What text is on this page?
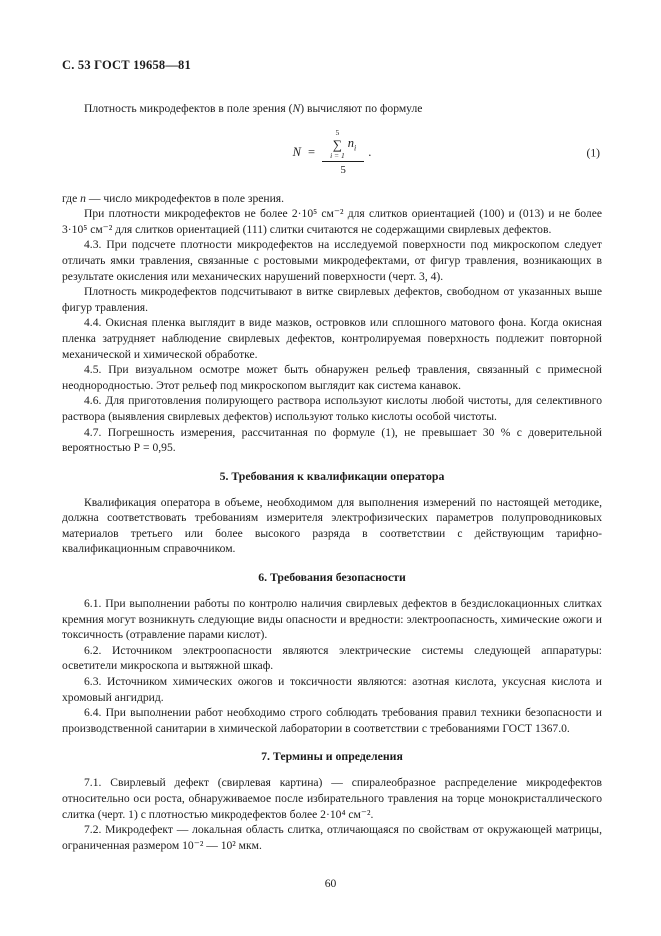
С. 53 ГОСТ 19658—81

Плотность микродефектов в поле зрения (N) вычисляют по формуле

N =
5
∑
i = 1
$n_i$
5
.	(1)

где n — число микродефектов в поле зрения.

При плотности микродефектов не более 2·10⁵ см⁻² для слитков ориентацией (100) и (013) и не более 3·10⁵ см⁻² для слитков ориентацией (111) слитки считаются не содержащими свирлевых дефектов.

4.3. При подсчете плотности микродефектов на исследуемой поверхности под микроскопом следует отличать ямки травления, связанные с ростовыми микродефектами, от фигур травления, возникающих в результате окисления или механических нарушений поверхности (черт. 3, 4).

Плотность микродефектов подсчитывают в витке свирлевых дефектов, свободном от указанных выше фигур травления.

4.4. Окисная пленка выглядит в виде мазков, островков или сплошного матового фона. Когда окисная пленка затрудняет наблюдение свирлевых дефектов, контролируемая поверхность подлежит повторной механической и химической обработке.

4.5. При визуальном осмотре может быть обнаружен рельеф травления, связанный с примесной неоднородностью. Этот рельеф под микроскопом выглядит как система канавок.

4.6. Для приготовления полирующего раствора используют кислоты любой чистоты, для селективного раствора (выявления свирлевых дефектов) используют только кислоты особой чистоты.

4.7. Погрешность измерения, рассчитанная по формуле (1), не превышает 30 % с доверительной вероятностью Р = 0,95.

5. Требования к квалификации оператора

Квалификация оператора в объеме, необходимом для выполнения измерений по настоящей методике, должна соответствовать требованиям измерителя электрофизических параметров полупроводниковых материалов третьего или более высокого разряда в соответствии с действующим тарифно-квалификационным справочником.

6. Требования безопасности

6.1. При выполнении работы по контролю наличия свирлевых дефектов в бездислокационных слитках кремния могут возникнуть следующие виды опасности и вредности: электроопасность, химические ожоги и токсичность (отравление парами кислот).

6.2. Источником электроопасности являются электрические системы следующей аппаратуры: осветители микроскопа и вытяжной шкаф.

6.3. Источником химических ожогов и токсичности являются: азотная кислота, уксусная кислота и хромовый ангидрид.

6.4. При выполнении работ необходимо строго соблюдать требования правил техники безопасности и производственной санитарии в химической лаборатории в соответствии с требованиями ГОСТ 1367.0.

7. Термины и определения

7.1. Свирлевый дефект (свирлевая картина) — спиралеобразное распределение микродефектов относительно оси роста, обнаруживаемое после избирательного травления на торце монокристаллического слитка (черт. 1) с плотностью микродефектов более 2·10⁴ см⁻².

7.2. Микродефект — локальная область слитка, отличающаяся по свойствам от окружающей матрицы, ограниченная размером 10⁻² — 10² мкм.

60
